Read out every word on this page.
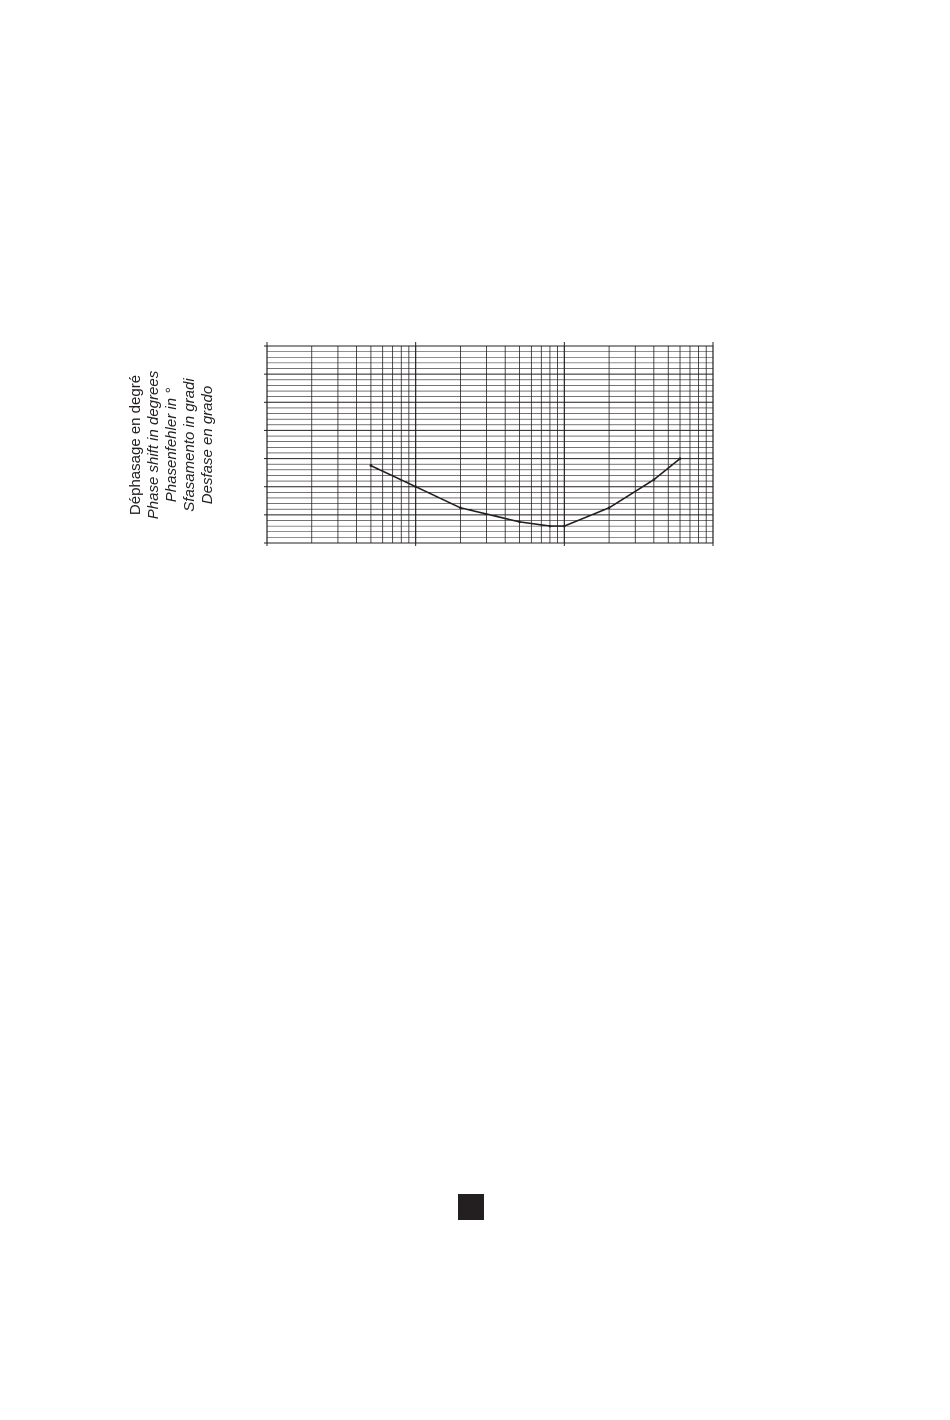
Déphasage en degré Phase shift in degrees Phasenfehler in ° Sfasamento in gradi Desfase en grado
